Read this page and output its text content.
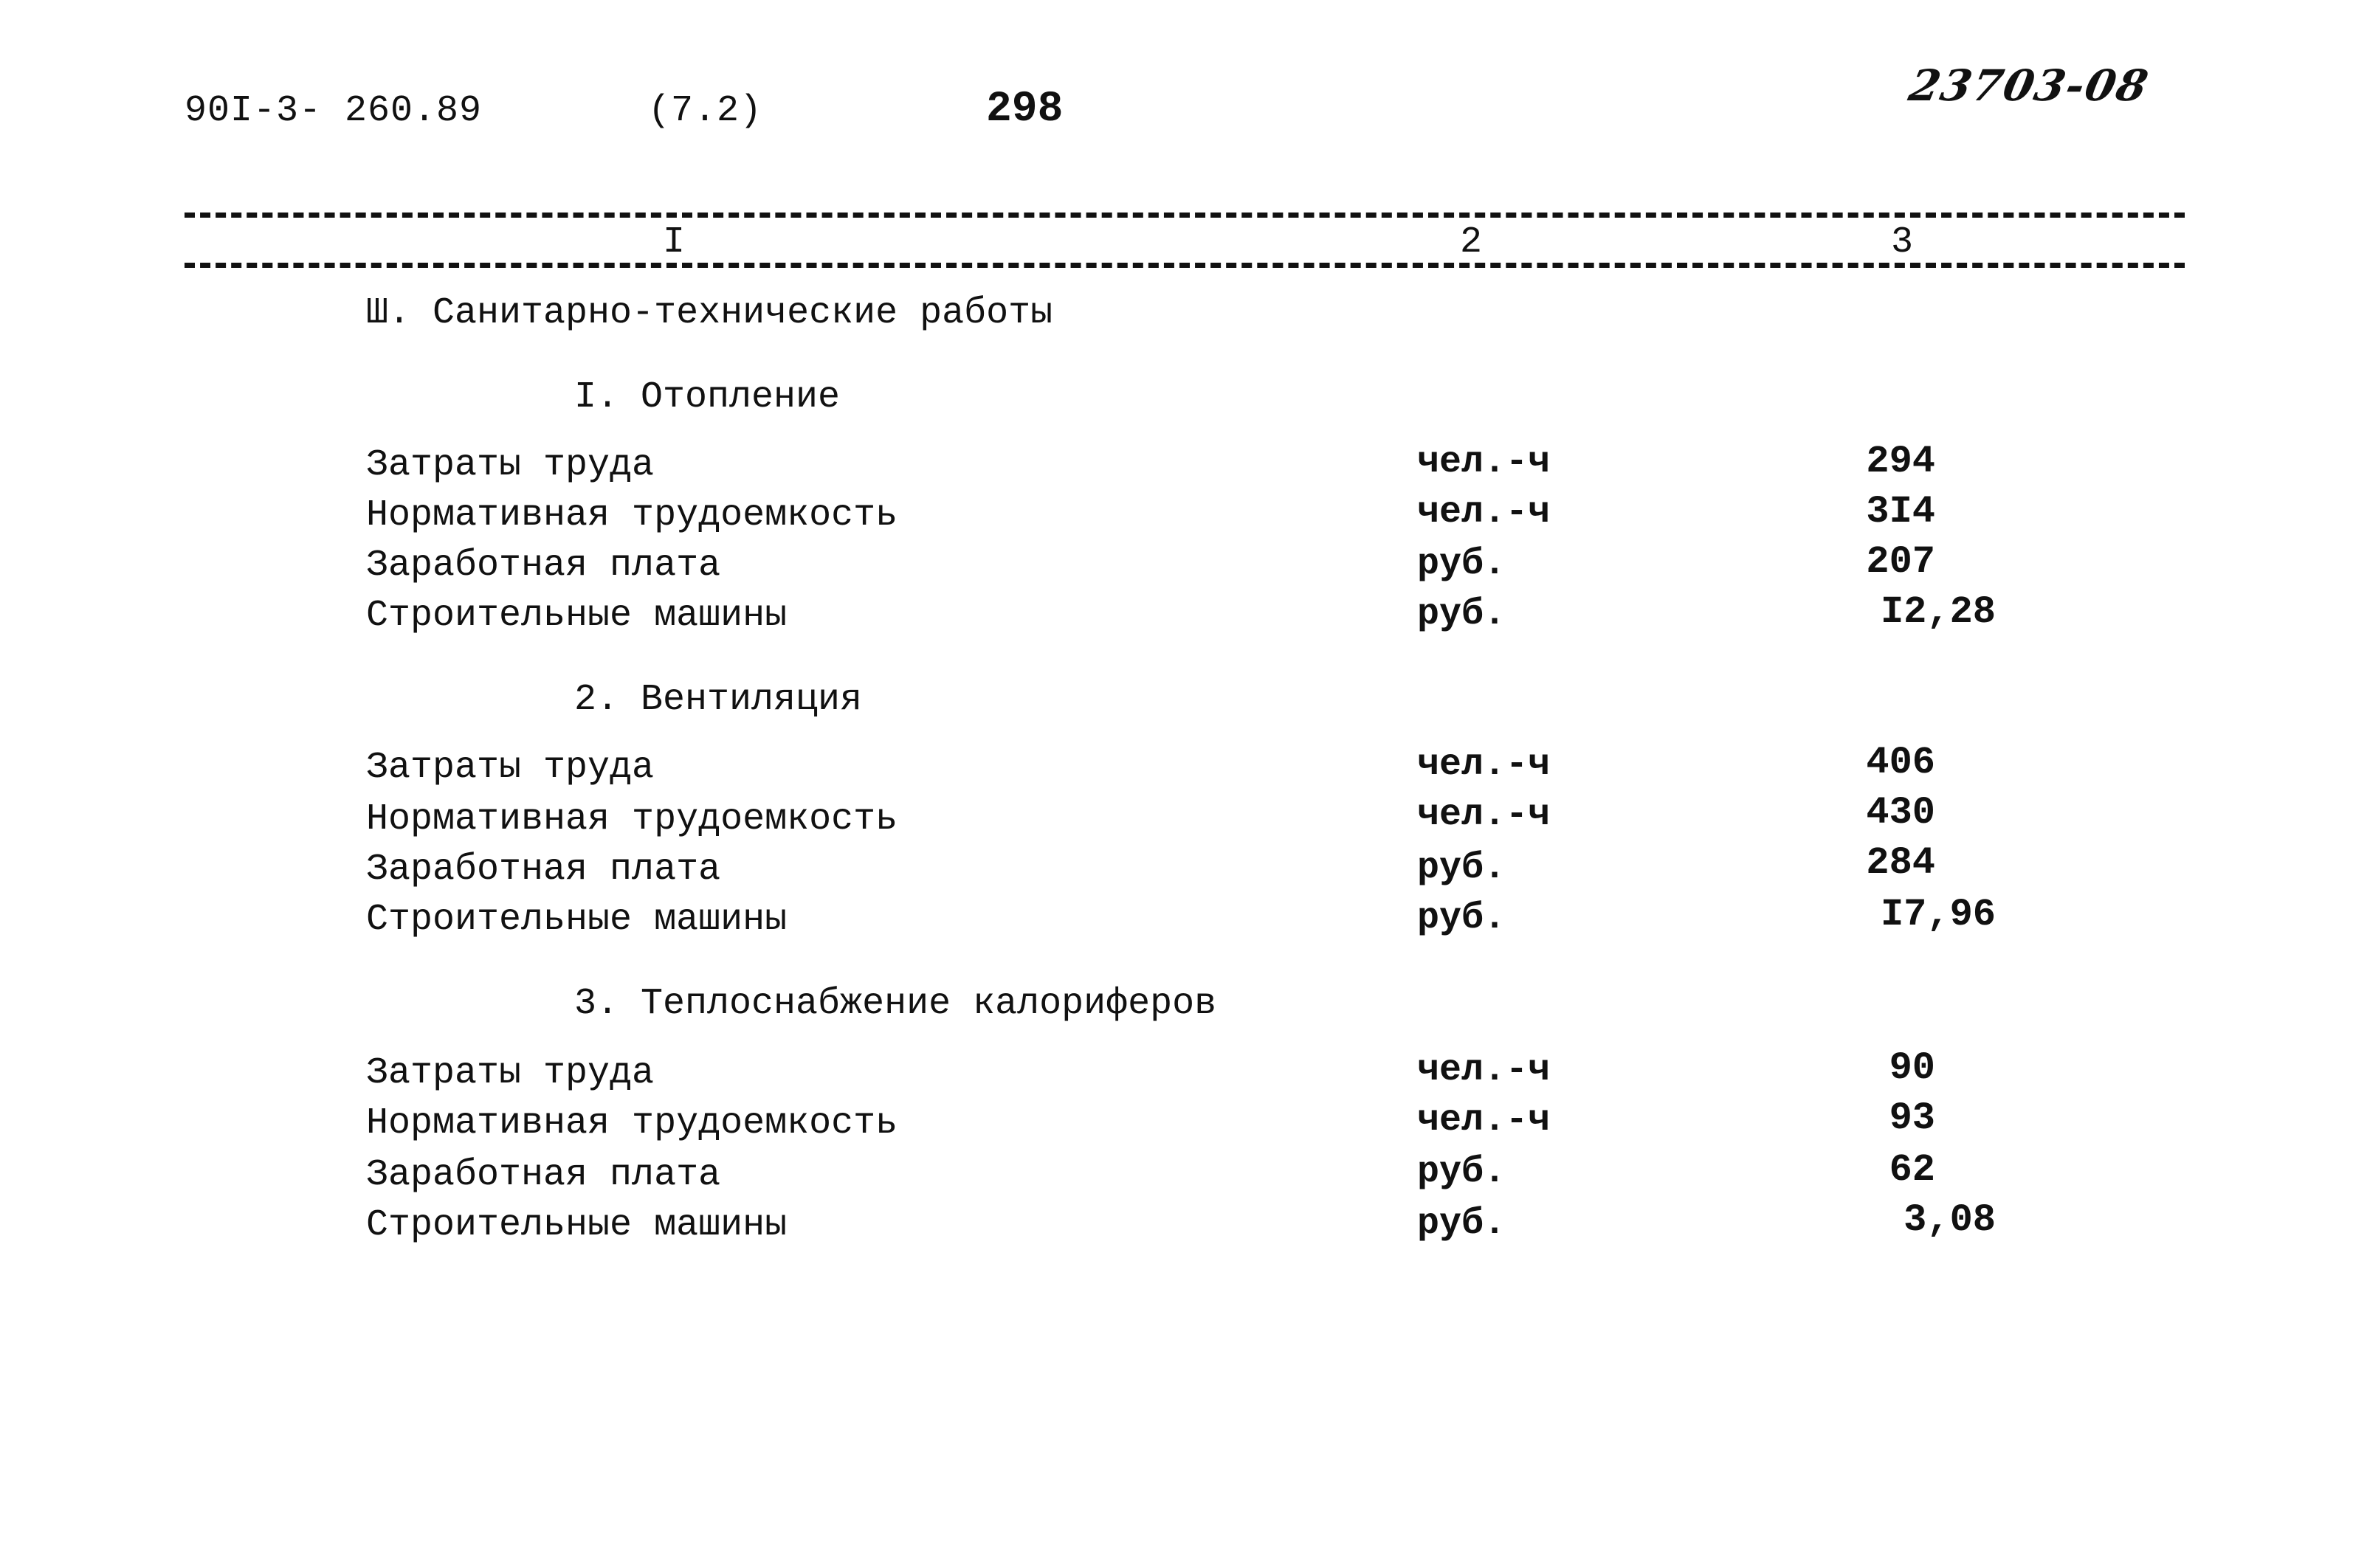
90I-3- 260.89	(7.2)	298	23703-08
I	2	3
Ш. Санитарно-технические работы
I. Отопление
Затраты труда	чел.-ч	294
Нормативная трудоемкость	чел.-ч	3I4
Заработная плата	руб.	207
Строительные машины	руб.	I2,28
2. Вентиляция
Затраты труда	чел.-ч	406
Нормативная трудоемкость	чел.-ч	430
Заработная плата	руб.	284
Строительные машины	руб.	I7,96
3. Теплоснабжение калориферов
Затраты труда	чел.-ч	90
Нормативная трудоемкость	чел.-ч	93
Заработная плата	руб.	62
Строительные машины	руб.	3,08
